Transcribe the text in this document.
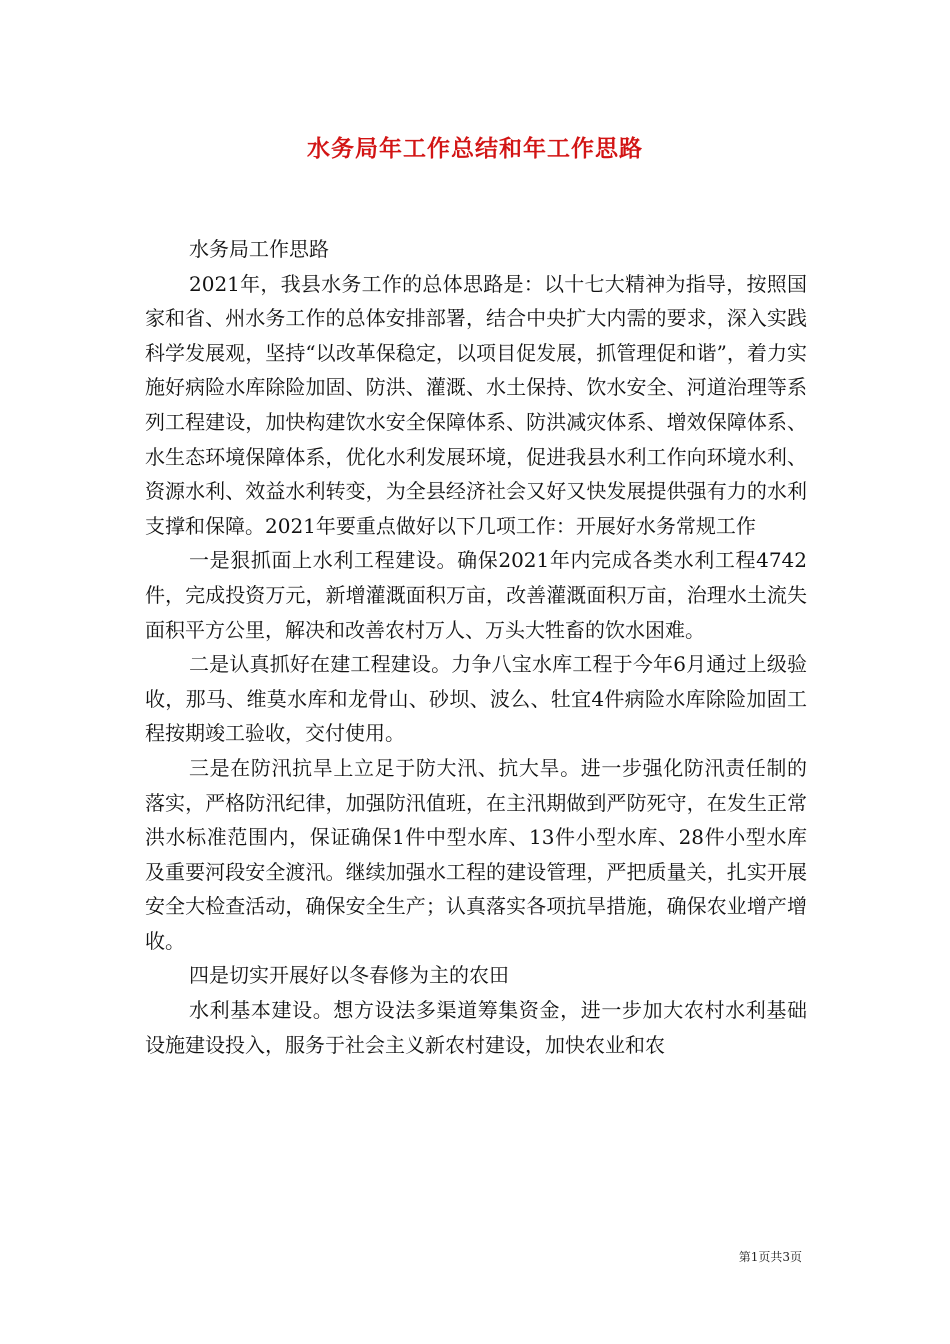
水务局年工作总结和年工作思路

水务局工作思路

2021年，我县水务工作的总体思路是：以十七大精神为指导，按照国家和省、州水务工作的总体安排部署，结合中央扩大内需的要求，深入实践科学发展观，坚持“以改革保稳定，以项目促发展，抓管理促和谐”，着力实施好病险水库除险加固、防洪、灌溉、水土保持、饮水安全、河道治理等系列工程建设，加快构建饮水安全保障体系、防洪减灾体系、增效保障体系、水生态环境保障体系，优化水利发展环境，促进我县水利工作向环境水利、资源水利、效益水利转变，为全县经济社会又好又快发展提供强有力的水利支撑和保障。2021年要重点做好以下几项工作：开展好水务常规工作

一是狠抓面上水利工程建设。确保2021年内完成各类水利工程4742件，完成投资万元，新增灌溉面积万亩，改善灌溉面积万亩，治理水土流失面积平方公里，解决和改善农村万人、万头大牲畜的饮水困难。

二是认真抓好在建工程建设。力争八宝水库工程于今年6月通过上级验收，那马、维莫水库和龙骨山、砂坝、波么、牡宜4件病险水库除险加固工程按期竣工验收，交付使用。

三是在防汛抗旱上立足于防大汛、抗大旱。进一步强化防汛责任制的落实，严格防汛纪律，加强防汛值班，在主汛期做到严防死守，在发生正常洪水标准范围内，保证确保1件中型水库、13件小型水库、28件小型水库及重要河段安全渡汛。继续加强水工程的建设管理，严把质量关，扎实开展安全大检查活动，确保安全生产；认真落实各项抗旱措施，确保农业增产增收。

四是切实开展好以冬春修为主的农田

水利基本建设。想方设法多渠道筹集资金，进一步加大农村水利基础设施建设投入，服务于社会主义新农村建设，加快农业和农

第1页共3页
